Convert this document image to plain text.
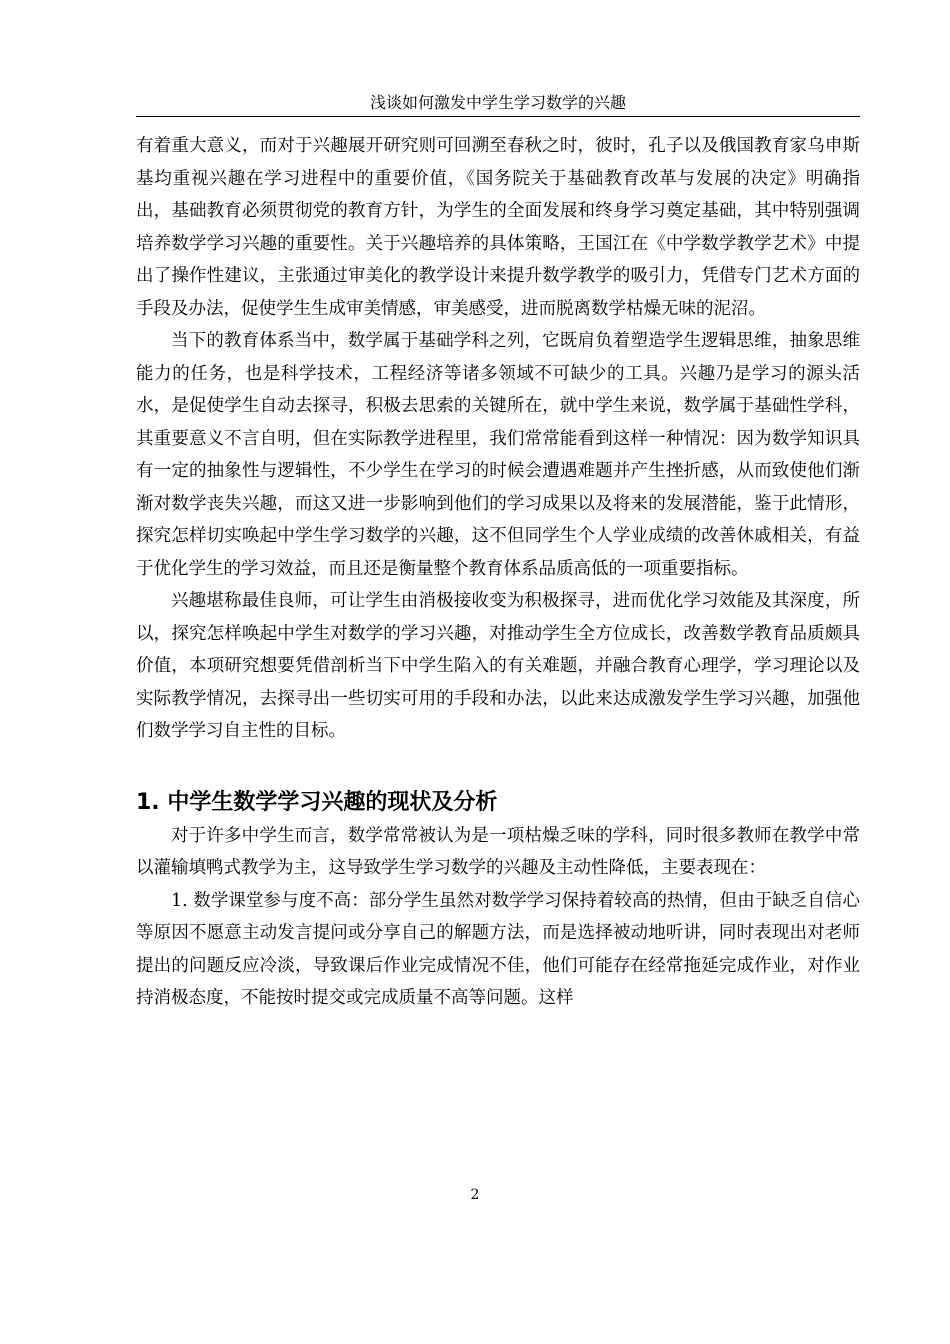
浅谈如何激发中学生学习数学的兴趣

有着重大意义，而对于兴趣展开研究则可回溯至春秋之时，彼时，孔子以及俄国教育家乌申斯基均重视兴趣在学习进程中的重要价值，《国务院关于基础教育改革与发展的决定》明确指出，基础教育必须贯彻党的教育方针，为学生的全面发展和终身学习奠定基础，其中特别强调培养数学学习兴趣的重要性。关于兴趣培养的具体策略，王国江在《中学数学教学艺术》中提出了操作性建议，主张通过审美化的教学设计来提升数学教学的吸引力，凭借专门艺术方面的手段及办法，促使学生生成审美情感，审美感受，进而脱离数学枯燥无味的泥沼。

当下的教育体系当中，数学属于基础学科之列，它既肩负着塑造学生逻辑思维，抽象思维能力的任务，也是科学技术，工程经济等诸多领域不可缺少的工具。兴趣乃是学习的源头活水，是促使学生自动去探寻，积极去思索的关键所在，就中学生来说，数学属于基础性学科，其重要意义不言自明，但在实际教学进程里，我们常常能看到这样一种情况：因为数学知识具有一定的抽象性与逻辑性，不少学生在学习的时候会遭遇难题并产生挫折感，从而致使他们渐渐对数学丧失兴趣，而这又进一步影响到他们的学习成果以及将来的发展潜能，鉴于此情形，探究怎样切实唤起中学生学习数学的兴趣，这不但同学生个人学业成绩的改善休戚相关，有益于优化学生的学习效益，而且还是衡量整个教育体系品质高低的一项重要指标。

兴趣堪称最佳良师，可让学生由消极接收变为积极探寻，进而优化学习效能及其深度，所以，探究怎样唤起中学生对数学的学习兴趣，对推动学生全方位成长，改善数学教育品质颇具价值，本项研究想要凭借剖析当下中学生陷入的有关难题，并融合教育心理学，学习理论以及实际教学情况，去探寻出一些切实可用的手段和办法，以此来达成激发学生学习兴趣，加强他们数学学习自主性的目标。

1. 中学生数学学习兴趣的现状及分析

对于许多中学生而言，数学常常被认为是一项枯燥乏味的学科，同时很多教师在教学中常以灌输填鸭式教学为主，这导致学生学习数学的兴趣及主动性降低，主要表现在：

1. 数学课堂参与度不高：部分学生虽然对数学学习保持着较高的热情，但由于缺乏自信心等原因不愿意主动发言提问或分享自己的解题方法，而是选择被动地听讲，同时表现出对老师提出的问题反应冷淡，导致课后作业完成情况不佳，他们可能存在经常拖延完成作业，对作业持消极态度，不能按时提交或完成质量不高等问题。这样

2
